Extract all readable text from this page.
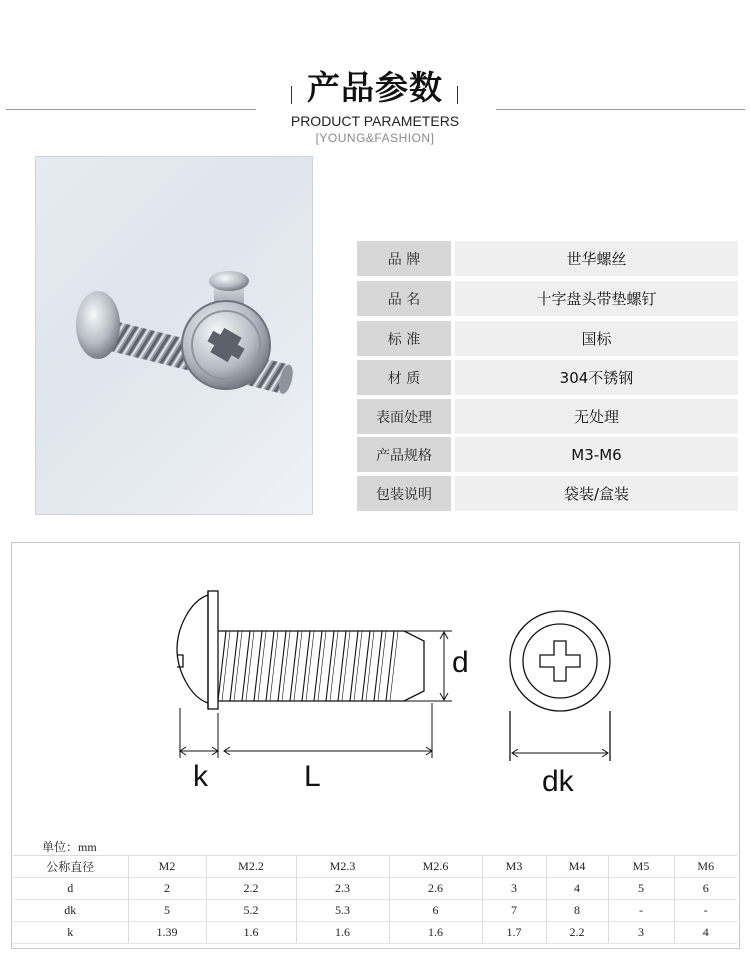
产品参数
PRODUCT PARAMETERS
[YOUNG&FASHION]
品 牌	世华螺丝
品 名	十字盘头带垫螺钉
标 准	国标
材 质	304不锈钢
表面处理	无处理
产品规格	M3-M6
包装说明	袋装/盒装
d
k	L	dk
单位：mm
公称直径	M2	M2.2	M2.3	M2.6	M3	M4	M5	M6
d	2	2.2	2.3	2.6	3	4	5	6
dk	5	5.2	5.3	6	7	8	-	-
k	1.39	1.6	1.6	1.6	1.7	2.2	3	4
